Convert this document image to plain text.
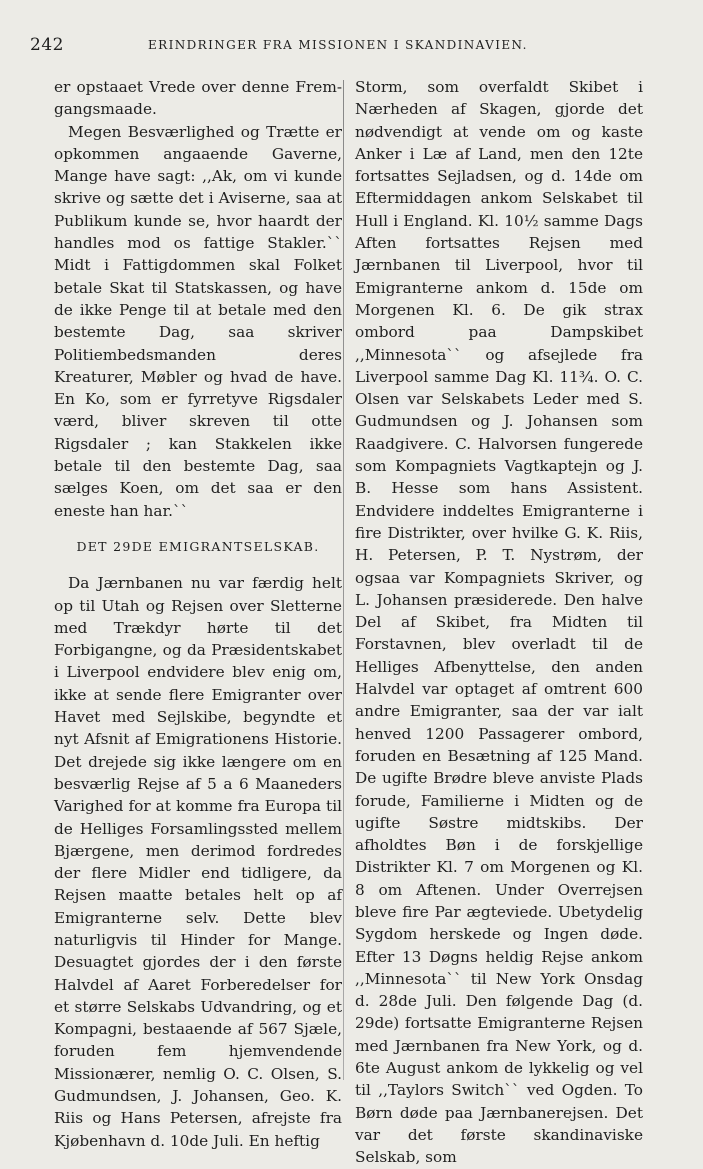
242	ERINDRINGER FRA MISSIONEN I SKANDINAVIEN.

er opstaaet Vrede over denne Frem-gangsmaade.

Megen Besværlighed og Trætte er opkommen angaaende Gaverne, Mange have sagt: ,,Ak, om vi kunde skrive og sætte det i Aviserne, saa at Publikum kunde se, hvor haardt der handles mod os fattige Stakler.`` Midt i Fattigdommen skal Folket betale Skat til Statskassen, og have de ikke Penge til at betale med den bestemte Dag, saa skriver Politiembedsmanden deres Kreaturer, Møbler og hvad de have. En Ko, som er fyrretyve Rigsdaler værd, bliver skreven til otte Rigsdaler ; kan Stakkelen ikke betale til den bestemte Dag, saa sælges Koen, om det saa er den eneste han har.``

DET 29DE EMIGRANTSELSKAB.

Da Jærnbanen nu var færdig helt op til Utah og Rejsen over Sletterne med Trækdyr hørte til det Forbigangne, og da Præsidentskabet i Liverpool endvidere blev enig om, ikke at sende flere Emigranter over Havet med Sejlskibe, begyndte et nyt Afsnit af Emigrationens Historie. Det drejede sig ikke længere om en besværlig Rejse af 5 a 6 Maaneders Varighed for at komme fra Europa til de Helliges Forsamlingssted mellem Bjærgene, men derimod fordredes der flere Midler end tidligere, da Rejsen maatte betales helt op af Emigranterne selv. Dette blev naturligvis til Hinder for Mange. Desuagtet gjordes der i den første Halvdel af Aaret Forberedelser for et større Selskabs Udvandring, og et Kompagni, bestaaende af 567 Sjæle, foruden fem hjemvendende Missionærer, nemlig O. C. Olsen, S. Gudmundsen, J. Johansen, Geo. K. Riis og Hans Petersen, afrejste fra Kjøbenhavn d. 10de Juli. En heftig

Storm, som overfaldt Skibet i Nærheden af Skagen, gjorde det nødvendigt at vende om og kaste Anker i Læ af Land, men den 12te fortsattes Sejladsen, og d. 14de om Eftermiddagen ankom Selskabet til Hull i England. Kl. 10½ samme Dags Aften fortsattes Rejsen med Jærnbanen til Liverpool, hvor til Emigranterne ankom d. 15de om Morgenen Kl. 6. De gik strax ombord paa Dampskibet ,,Minnesota`` og afsejlede fra Liverpool samme Dag Kl. 11¾. O. C. Olsen var Selskabets Leder med S. Gudmundsen og J. Johansen som Raadgivere. C. Halvorsen fungerede som Kompagniets Vagtkaptejn og J. B. Hesse som hans Assistent. Endvidere inddeltes Emigranterne i fire Distrikter, over hvilke G. K. Riis, H. Petersen, P. T. Nystrøm, der ogsaa var Kompagniets Skriver, og L. Johansen præsiderede. Den halve Del af Skibet, fra Midten til Forstavnen, blev overladt til de Helliges Afbenyttelse, den anden Halvdel var optaget af omtrent 600 andre Emigranter, saa der var ialt henved 1200 Passagerer ombord, foruden en Besætning af 125 Mand. De ugifte Brødre bleve anviste Plads forude, Familierne i Midten og de ugifte Søstre midtskibs. Der afholdtes Bøn i de forskjellige Distrikter Kl. 7 om Morgenen og Kl. 8 om Aftenen. Under Overrejsen bleve fire Par ægteviede. Ubetydelig Sygdom herskede og Ingen døde. Efter 13 Døgns heldig Rejse ankom ,,Minnesota`` til New York Onsdag d. 28de Juli. Den følgende Dag (d. 29de) fortsatte Emigranterne Rejsen med Jærnbanen fra New York, og d. 6te August ankom de lykkelig og vel til ,,Taylors Switch`` ved Ogden. To Børn døde paa Jærnbanerejsen. Det var det første skandinaviske Selskab, som
